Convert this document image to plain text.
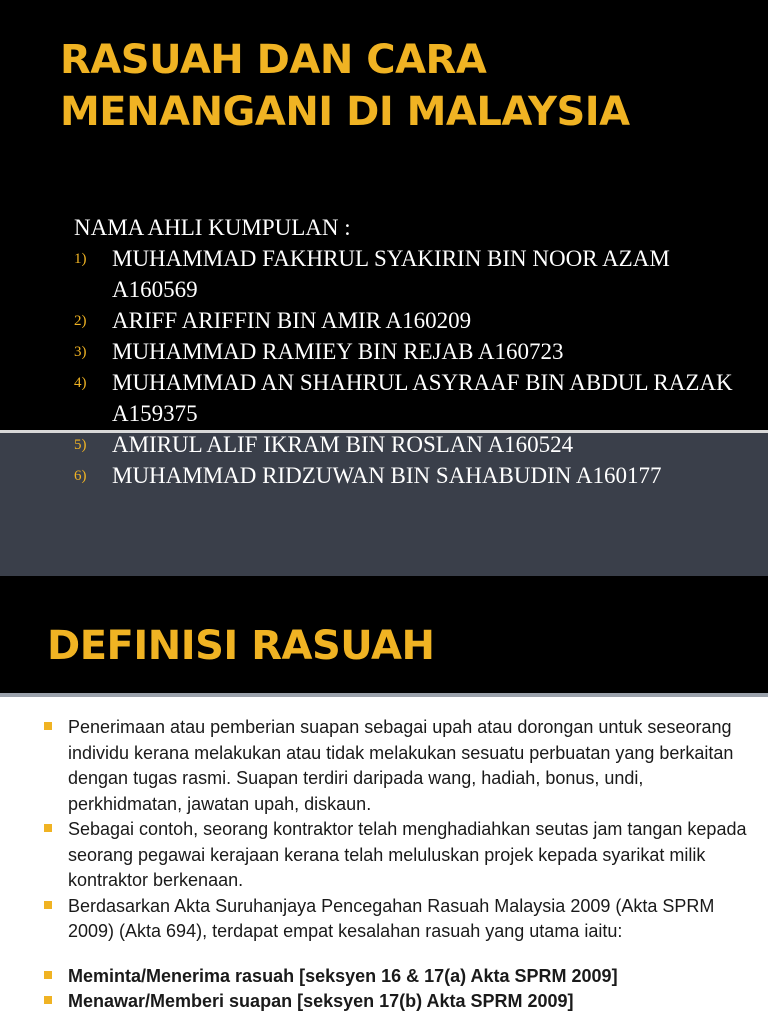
RASUAH DAN CARA
MENANGANI DI MALAYSIA
NAMA AHLI KUMPULAN :
1) MUHAMMAD FAKHRUL SYAKIRIN BIN NOOR AZAM A160569
2) ARIFF ARIFFIN BIN AMIR A160209
3) MUHAMMAD RAMIEY BIN REJAB A160723
4) MUHAMMAD AN SHAHRUL ASYRAAF BIN ABDUL RAZAK A159375
5) AMIRUL ALIF IKRAM BIN ROSLAN A160524
6) MUHAMMAD RIDZUWAN BIN SAHABUDIN A160177
DEFINISI RASUAH
Penerimaan atau pemberian suapan sebagai upah atau dorongan untuk seseorang individu kerana melakukan atau tidak melakukan sesuatu perbuatan yang berkaitan dengan tugas rasmi. Suapan terdiri daripada wang, hadiah, bonus, undi, perkhidmatan, jawatan upah, diskaun.
Sebagai contoh, seorang kontraktor telah menghadiahkan seutas jam tangan kepada seorang pegawai kerajaan kerana telah meluluskan projek kepada syarikat milik kontraktor berkenaan.
Berdasarkan Akta Suruhanjaya Pencegahan Rasuah Malaysia 2009 (Akta SPRM 2009) (Akta 694), terdapat empat kesalahan rasuah yang utama iaitu:
Meminta/Menerima rasuah [seksyen 16 & 17(a) Akta SPRM 2009]
Menawar/Memberi suapan [seksyen 17(b) Akta SPRM 2009]
